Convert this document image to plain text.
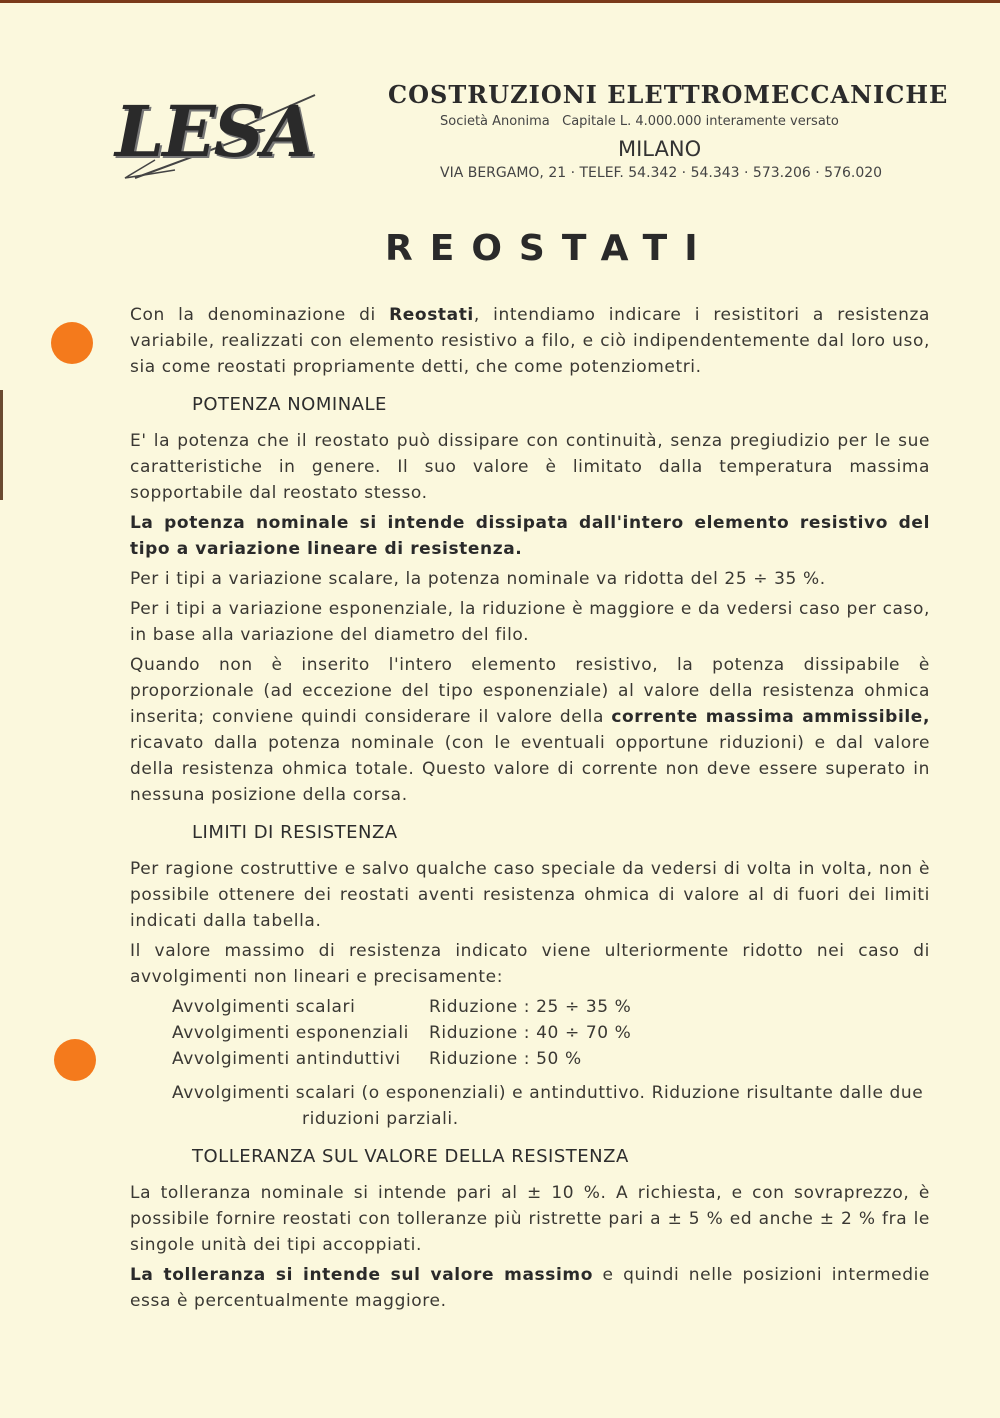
LESA	COSTRUZIONI ELETTROMECCANICHE
Società Anonima   Capitale L. 4.000.000 interamente versato
MILANO
VIA BERGAMO, 21 · TELEF. 54.342 · 54.343 · 573.206 · 576.020
REOSTATI
Con la denominazione di Reostati, intendiamo indicare i resistitori a resistenza variabile, realizzati con elemento resistivo a filo, e ciò indipendentemente dal loro uso, sia come reostati propriamente detti, che come potenziometri.
POTENZA NOMINALE
E' la potenza che il reostato può dissipare con continuità, senza pregiudizio per le sue caratteristiche in genere. Il suo valore è limitato dalla temperatura massima sopportabile dal reostato stesso.
La potenza nominale si intende dissipata dall'intero elemento resistivo del tipo a variazione lineare di resistenza.
Per i tipi a variazione scalare, la potenza nominale va ridotta del 25 ÷ 35 %.
Per i tipi a variazione esponenziale, la riduzione è maggiore e da vedersi caso per caso, in base alla variazione del diametro del filo.
Quando non è inserito l'intero elemento resistivo, la potenza dissipabile è proporzionale (ad eccezione del tipo esponenziale) al valore della resistenza ohmica inserita; conviene quindi considerare il valore della corrente massima ammissibile, ricavato dalla potenza nominale (con le eventuali opportune riduzioni) e dal valore della resistenza ohmica totale. Questo valore di corrente non deve essere superato in nessuna posizione della corsa.
LIMITI DI RESISTENZA
Per ragione costruttive e salvo qualche caso speciale da vedersi di volta in volta, non è possibile ottenere dei reostati aventi resistenza ohmica di valore al di fuori dei limiti indicati dalla tabella.
Il valore massimo di resistenza indicato viene ulteriormente ridotto nei caso di avvolgimenti non lineari e precisamente:
Avvolgimenti scalari	Riduzione : 25 ÷ 35 %
Avvolgimenti esponenziali	Riduzione : 40 ÷ 70 %
Avvolgimenti antinduttivi	Riduzione : 50 %
Avvolgimenti scalari (o esponenziali) e antinduttivo. Riduzione risultante dalle due
riduzioni parziali.
TOLLERANZA SUL VALORE DELLA RESISTENZA
La tolleranza nominale si intende pari al ± 10 %. A richiesta, e con sovraprezzo, è possibile fornire reostati con tolleranze più ristrette pari a ± 5 % ed anche ± 2 % fra le singole unità dei tipi accoppiati.
La tolleranza si intende sul valore massimo e quindi nelle posizioni intermedie essa è percentualmente maggiore.
